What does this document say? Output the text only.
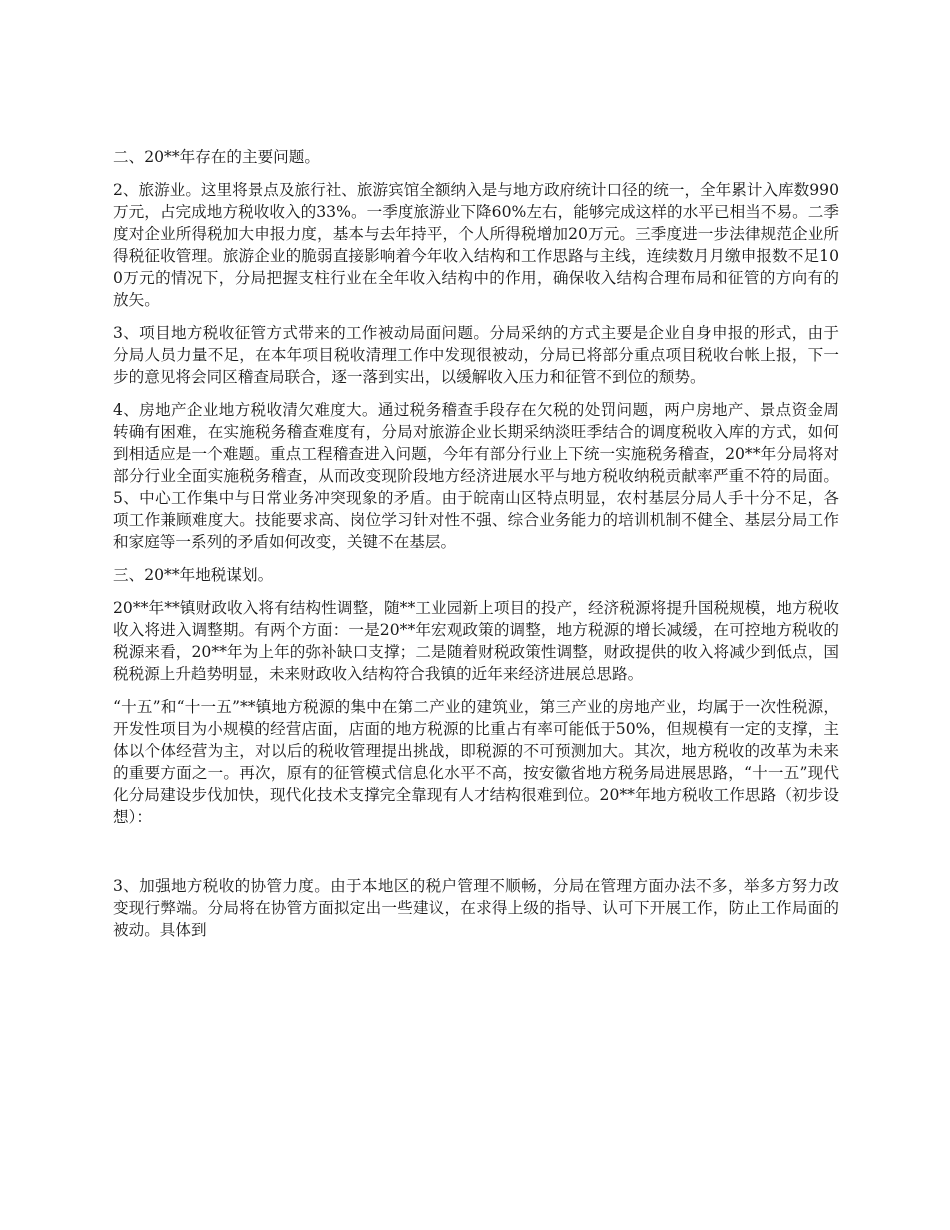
二、20**年存在的主要问题。

2、旅游业。这里将景点及旅行社、旅游宾馆全额纳入是与地方政府统计口径的统一，全年累计入库数990万元，占完成地方税收收入的33%。一季度旅游业下降60%左右，能够完成这样的水平已相当不易。二季度对企业所得税加大申报力度，基本与去年持平，个人所得税增加20万元。三季度进一步法律规范企业所得税征收管理。旅游企业的脆弱直接影响着今年收入结构和工作思路与主线，连续数月月缴申报数不足100万元的情况下，分局把握支柱行业在全年收入结构中的作用，确保收入结构合理布局和征管的方向有的放矢。

3、项目地方税收征管方式带来的工作被动局面问题。分局采纳的方式主要是企业自身申报的形式，由于分局人员力量不足，在本年项目税收清理工作中发现很被动，分局已将部分重点项目税收台帐上报，下一步的意见将会同区稽查局联合，逐一落到实出，以缓解收入压力和征管不到位的颓势。

4、房地产企业地方税收清欠难度大。通过税务稽查手段存在欠税的处罚问题，两户房地产、景点资金周转确有困难，在实施税务稽查难度有，分局对旅游企业长期采纳淡旺季结合的调度税收入库的方式，如何到相适应是一个难题。重点工程稽查进入问题，今年有部分行业上下统一实施税务稽查，20**年分局将对部分行业全面实施税务稽查，从而改变现阶段地方经济进展水平与地方税收纳税贡献率严重不符的局面。5、中心工作集中与日常业务冲突现象的矛盾。由于皖南山区特点明显，农村基层分局人手十分不足，各项工作兼顾难度大。技能要求高、岗位学习针对性不强、综合业务能力的培训机制不健全、基层分局工作和家庭等一系列的矛盾如何改变，关键不在基层。

三、20**年地税谋划。

20**年**镇财政收入将有结构性调整，随**工业园新上项目的投产，经济税源将提升国税规模，地方税收收入将进入调整期。有两个方面：一是20**年宏观政策的调整，地方税源的增长减缓，在可控地方税收的税源来看，20**年为上年的弥补缺口支撑；二是随着财税政策性调整，财政提供的收入将减少到低点，国税税源上升趋势明显，未来财政收入结构符合我镇的近年来经济进展总思路。

“十五”和“十一五”**镇地方税源的集中在第二产业的建筑业，第三产业的房地产业，均属于一次性税源，开发性项目为小规模的经营店面，店面的地方税源的比重占有率可能低于50%，但规模有一定的支撑，主体以个体经营为主，对以后的税收管理提出挑战，即税源的不可预测加大。其次，地方税收的改革为未来的重要方面之一。再次，原有的征管模式信息化水平不高，按安徽省地方税务局进展思路，“十一五”现代化分局建设步伐加快，现代化技术支撑完全靠现有人才结构很难到位。20**年地方税收工作思路（初步设想）：

3、加强地方税收的协管力度。由于本地区的税户管理不顺畅，分局在管理方面办法不多，举多方努力改变现行弊端。分局将在协管方面拟定出一些建议，在求得上级的指导、认可下开展工作，防止工作局面的被动。具体到
